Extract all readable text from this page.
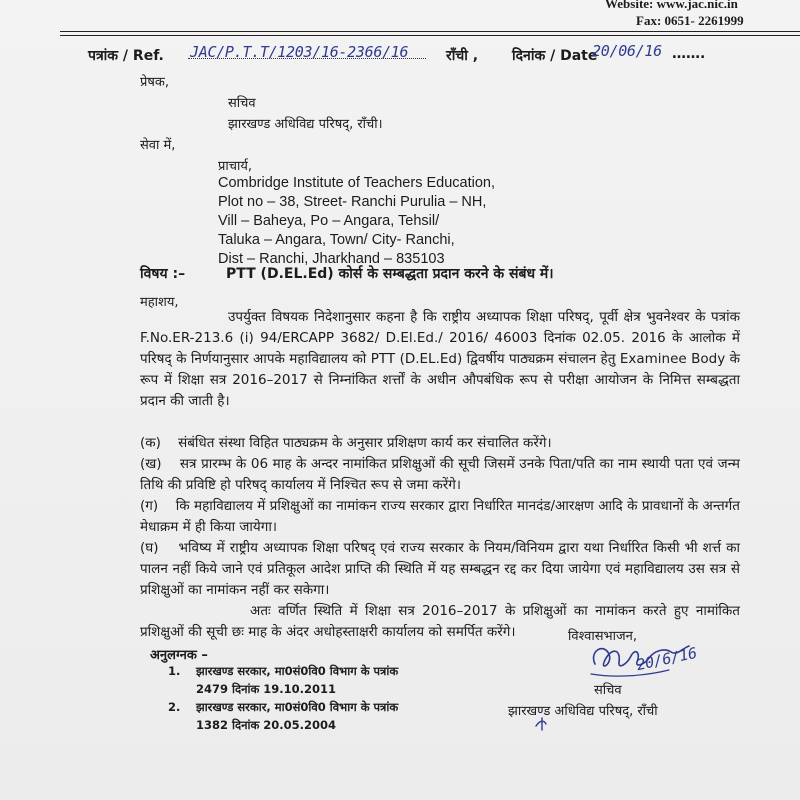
Website: www.jac.nic.in
Fax: 0651- 2261999
पत्रांक / Ref. JAC/P.T.T/1203/16-2366/16	राँची , दिनांक / Date
20/06/16 …….
प्रेषक,
सचिव
झारखण्ड अधिविद्य परिषद्, राँची।
सेवा में,
प्राचार्य,
Combridge Institute of Teachers Education,
Plot no – 38, Street- Ranchi Purulia – NH,
Vill – Baheya, Po – Angara, Tehsil/
Taluka – Angara, Town/ City- Ranchi,
Dist – Ranchi, Jharkhand – 835103
विषय :–	PTT (D.EL.Ed) कोर्स के सम्बद्धता प्रदान करने के संबंध में।
महाशय,
उपर्युक्त विषयक निदेशानुसार कहना है कि राष्ट्रीय अध्यापक शिक्षा परिषद्, पूर्वी क्षेत्र भुवनेश्वर के पत्रांक F.No.ER-213.6 (i) 94/ERCAPP 3682/ D.El.Ed./ 2016/ 46003 दिनांक 02.05. 2016 के आलोक में परिषद् के निर्णयानुसार आपके महाविद्यालय को PTT (D.EL.Ed) द्विवर्षीय पाठ्यक्रम संचालन हेतु Examinee Body के रूप में शिक्षा सत्र 2016–2017 से निम्नांकित शर्त्तों के अधीन औपबंधिक रूप से परीक्षा आयोजन के निमित्त सम्बद्धता प्रदान की जाती है।
(क) संबंधित संस्था विहित पाठ्यक्रम के अनुसार प्रशिक्षण कार्य कर संचालित करेंगे।
(ख) सत्र प्रारम्भ के 06 माह के अन्दर नामांकित प्रशिक्षुओं की सूची जिसमें उनके पिता/पति का नाम स्थायी पता एवं जन्म तिथि की प्रविष्टि हो परिषद् कार्यालय में निश्चित रूप से जमा करेंगे।
(ग) कि महाविद्यालय में प्रशिक्षुओं का नामांकन राज्य सरकार द्वारा निर्धारित मानदंड/आरक्षण आदि के प्रावधानों के अन्तर्गत मेधाक्रम में ही किया जायेगा।
(घ) भविष्य में राष्ट्रीय अध्यापक शिक्षा परिषद् एवं राज्य सरकार के नियम/विनियम द्वारा यथा निर्धारित किसी भी शर्त्त का पालन नहीं किये जाने एवं प्रतिकूल आदेश प्राप्ति की स्थिति में यह सम्बद्धन रद्द कर दिया जायेगा एवं महाविद्यालय उस सत्र से प्रशिक्षुओं का नामांकन नहीं कर सकेगा।
अतः वर्णित स्थिति में शिक्षा सत्र 2016–2017 के प्रशिक्षुओं का नामांकन करते हुए नामांकित प्रशिक्षुओं की सूची छः माह के अंदर अधोहस्ताक्षरी कार्यालय को समर्पित करेंगे।
अनुलग्नक –
1. झारखण्ड सरकार, मा0सं0वि0 विभाग के पत्रांक
2479 दिनांक 19.10.2011
2. झारखण्ड सरकार, मा0सं0वि0 विभाग के पत्रांक
1382 दिनांक 20.05.2004
विश्वासभाजन,
20/6/16
सचिव
झारखण्ड अधिविद्य परिषद्, राँची
